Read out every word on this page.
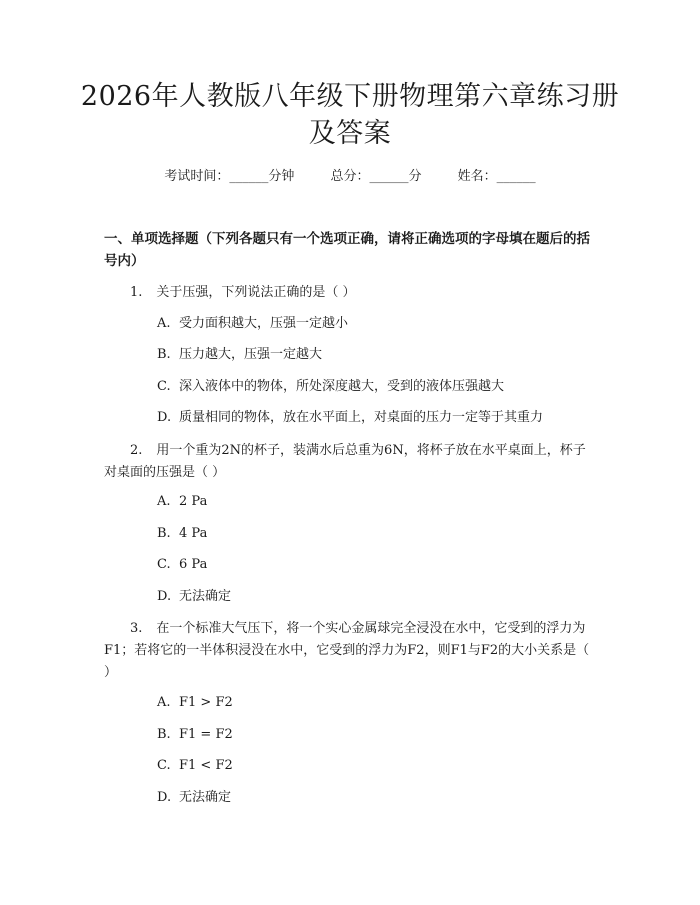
2026年人教版八年级下册物理第六章练习册
及答案
考试时间：______分钟	总分：______分	姓名：______

一、单项选择题（下列各题只有一个选项正确，请将正确选项的字母填在题后的括号内）

1. 关于压强，下列说法正确的是（ ）

A. 受力面积越大，压强一定越小

B. 压力越大，压强一定越大

C. 深入液体中的物体，所处深度越大，受到的液体压强越大

D. 质量相同的物体，放在水平面上，对桌面的压力一定等于其重力

2. 用一个重为2N的杯子，装满水后总重为6N，将杯子放在水平桌面上，杯子对桌面的压强是（ ）

A. 2 Pa

B. 4 Pa

C. 6 Pa

D. 无法确定

3. 在一个标准大气压下，将一个实心金属球完全浸没在水中，它受到的浮力为F1；若将它的一半体积浸没在水中，它受到的浮力为F2，则F1与F2的大小关系是（ ）

A. F1 > F2

B. F1 = F2

C. F1 < F2

D. 无法确定
